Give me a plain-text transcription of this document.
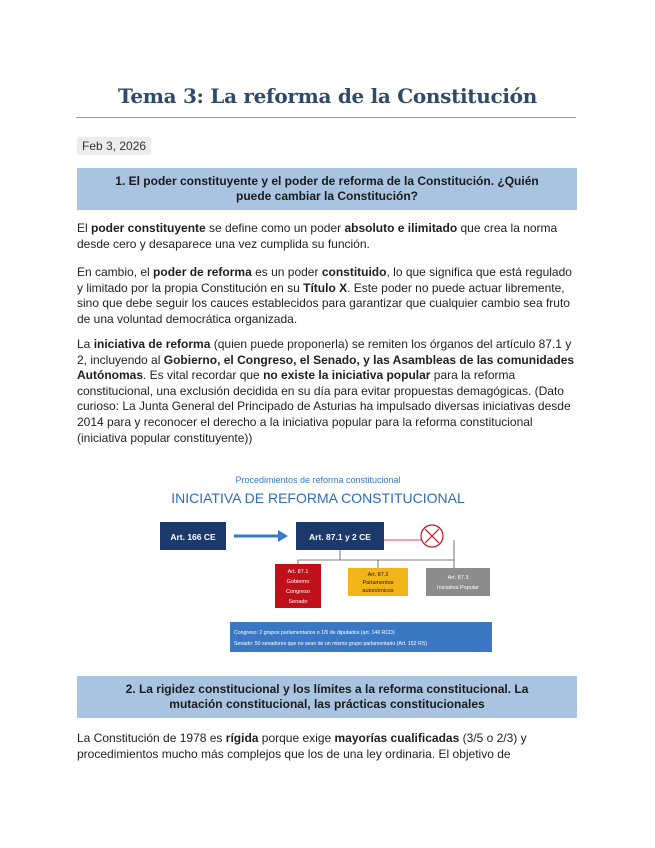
Tema 3: La reforma de la Constitución
Feb 3, 2026
1. El poder constituyente y el poder de reforma de la Constitución. ¿Quién
puede cambiar la Constitución?
El poder constituyente se define como un poder absoluto e ilimitado que crea la norma desde cero y desaparece una vez cumplida su función.
En cambio, el poder de reforma es un poder constituido, lo que significa que está regulado y limitado por la propia Constitución en su Título X. Este poder no puede actuar libremente, sino que debe seguir los cauces establecidos para garantizar que cualquier cambio sea fruto de una voluntad democrática organizada.
La iniciativa de reforma (quien puede proponerla) se remiten los órganos del artículo 87.1 y 2, incluyendo al Gobierno, el Congreso, el Senado, y las Asambleas de las comunidades Autónomas. Es vital recordar que no existe la iniciativa popular para la reforma constitucional, una exclusión decidida en su día para evitar propuestas demagógicas. (Dato curioso: La Junta General del Principado de Asturias ha impulsado diversas iniciativas desde 2014 para y reconocer el derecho a la iniciativa popular para la reforma constitucional (iniciativa popular constituyente))
Procedimientos de reforma constitucional
INICIATIVA DE REFORMA CONSTITUCIONAL
Art. 166 CE	Art. 87.1 y 2 CE
Art. 87.1
Gobierno
Congreso
Senado
Art. 87.2
Parlamentos
autonómicos
Art. 87.3
Iniciativa Popular
Congreso: 2 grupos parlamentarios o 1/5 de diputados (art. 146 RCD)
Senado: 50 senadores que no sean de un mismo grupo parlamentario (Art. 152 RS)
2. La rigidez constitucional y los límites a la reforma constitucional. La
mutación constitucional, las prácticas constitucionales
La Constitución de 1978 es rígida porque exige mayorías cualificadas (3/5 o 2/3) y procedimientos mucho más complejos que los de una ley ordinaria. El objetivo de
